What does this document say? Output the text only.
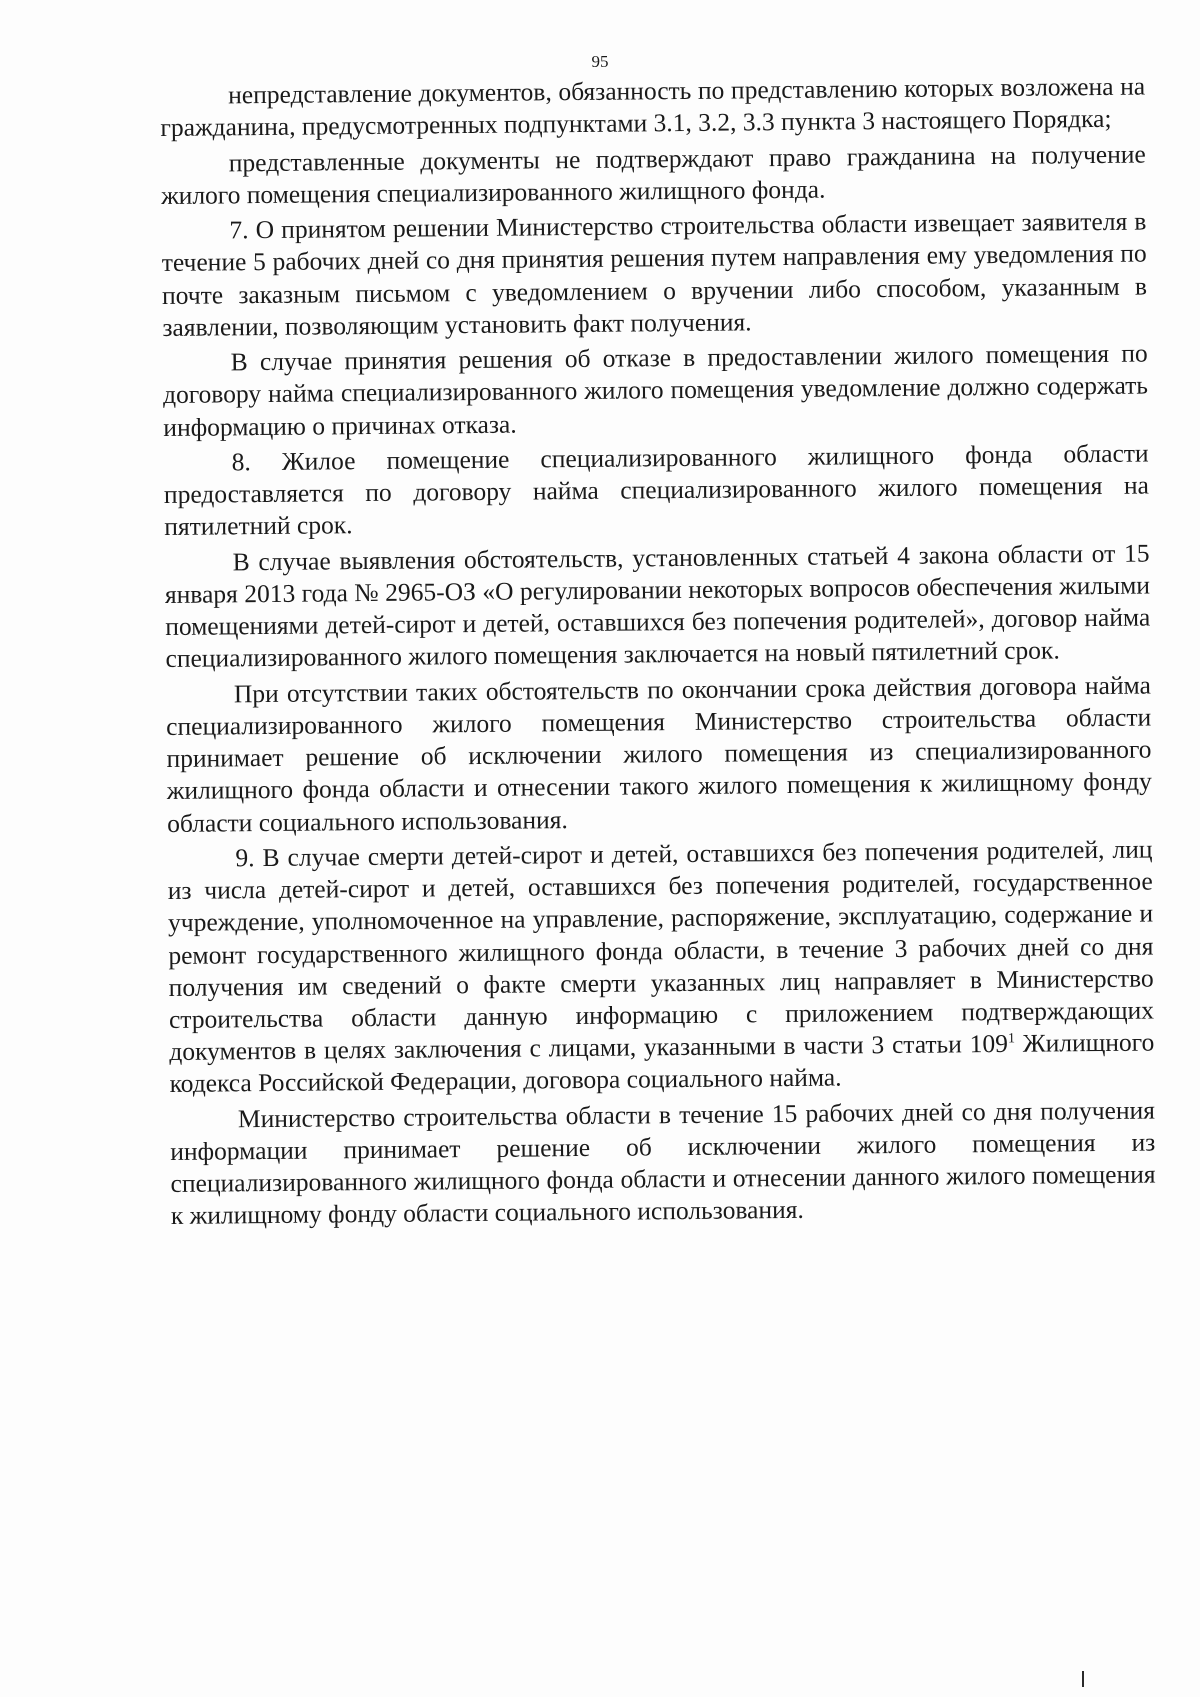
95

непредставление документов, обязанность по представлению которых возложена на гражданина, предусмотренных подпунктами 3.1, 3.2, 3.3 пункта 3 настоящего Порядка;

представленные документы не подтверждают право гражданина на получение жилого помещения специализированного жилищного фонда.

7. О принятом решении Министерство строительства области извещает заявителя в течение 5 рабочих дней со дня принятия решения путем направления ему уведомления по почте заказным письмом с уведомлением о вручении либо способом, указанным в заявлении, позволяющим установить факт получения.

В случае принятия решения об отказе в предоставлении жилого помещения по договору найма специализированного жилого помещения уведомление должно содержать информацию о причинах отказа.

8. Жилое помещение специализированного жилищного фонда области предоставляется по договору найма специализированного жилого помещения на пятилетний срок.

В случае выявления обстоятельств, установленных статьей 4 закона области от 15 января 2013 года № 2965-ОЗ «О регулировании некоторых вопросов обеспечения жилыми помещениями детей-сирот и детей, оставшихся без попечения родителей», договор найма специализированного жилого помещения заключается на новый пятилетний срок.

При отсутствии таких обстоятельств по окончании срока действия договора найма специализированного жилого помещения Министерство строительства области принимает решение об исключении жилого помещения из специализированного жилищного фонда области и отнесении такого жилого помещения к жилищному фонду области социального использования.

9. В случае смерти детей-сирот и детей, оставшихся без попечения родителей, лиц из числа детей-сирот и детей, оставшихся без попечения родителей, государственное учреждение, уполномоченное на управление, распоряжение, эксплуатацию, содержание и ремонт государственного жилищного фонда области, в течение 3 рабочих дней со дня получения им сведений о факте смерти указанных лиц направляет в Министерство строительства области данную информацию с приложением подтверждающих документов в целях заключения с лицами, указанными в части 3 статьи $109^1$ Жилищного кодекса Российской Федерации, договора социального найма.

Министерство строительства области в течение 15 рабочих дней со дня получения информации принимает решение об исключении жилого помещения из специализированного жилищного фонда области и отнесении данного жилого помещения к жилищному фонду области социального использования.
